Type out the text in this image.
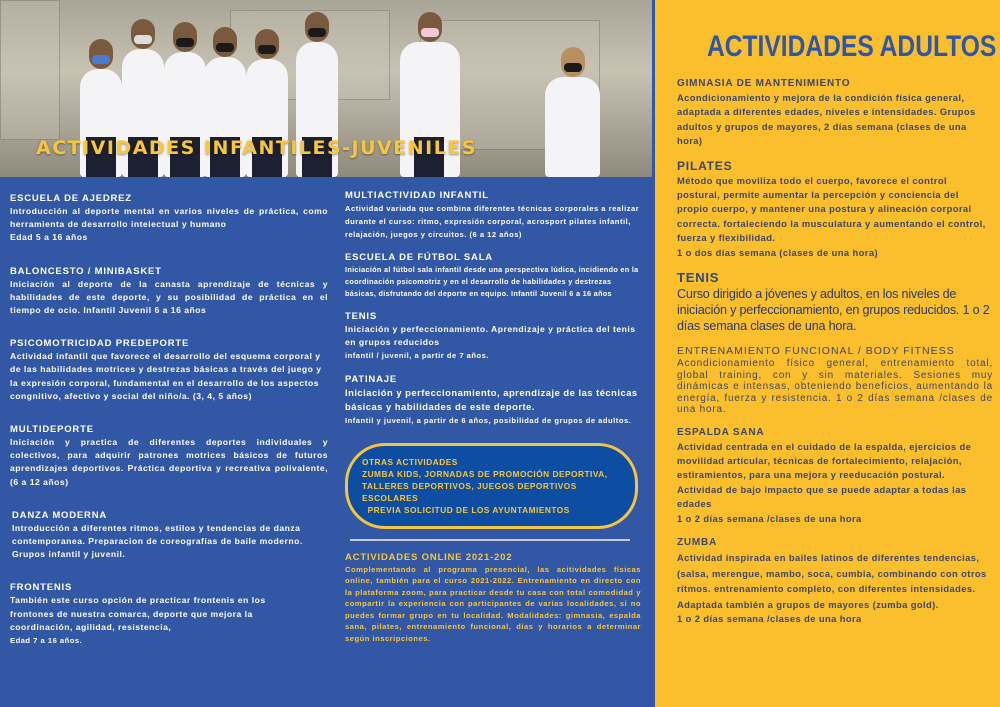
ACTIVIDADES INFANTILES-JUVENILES
ESCUELA DE AJEDREZ

Introducción al deporte mental en varios niveles de práctica, como herramienta de desarrollo intelectual y humano

Edad 5 a 16 años

BALONCESTO / MINIBASKET

Iniciación al deporte de la canasta aprendizaje de técnicas y habilidades de este deporte, y su posibilidad de práctica en el tiempo de ocio. Infantil Juvenil 6 a 16 años

PSICOMOTRICIDAD PREDEPORTE

Actividad infantil que favorece el desarrollo del esquema corporal y de las habilidades motrices y destrezas básicas a través del juego y la expresión corporal, fundamental en el desarrollo de los aspectos congnitivo, afectivo y social del niño/a. (3, 4, 5 años)

MULTIDEPORTE

Iniciación y practica de diferentes deportes individuales y colectivos, para adquirir patrones motrices básicos de futuros aprendizajes deportivos. Práctica deportiva y recreativa polivalente, (6 a 12 años)

DANZA MODERNA

Introducción a diferentes ritmos, estilos y tendencias de danza contemporanea. Preparacion de coreografías de baile moderno. Grupos infantil y juvenil.

FRONTENIS

También este curso opción de practicar frontenis en los frontones de nuestra comarca, deporte que mejora la coordinación, agilidad, resistencia,

Edad 7 a 16 años.

MULTIACTIVIDAD INFANTIL

Actividad variada que combina diferentes técnicas corporales a realizar durante el curso: ritmo, expresión corporal, acrosport pilates infantil, relajación, juegos y circuitos. (6 a 12 años)

ESCUELA DE FÚTBOL SALA

Iniciación al fútbol sala infantil desde una perspectiva lúdica, incidiendo en la coordinación psicomotriz y en el desarrollo de habilidades y destrezas básicas, disfrutando del deporte en equipo. Infantil Juvenil 6 a 16 años

TENIS

Iniciación y perfeccionamiento. Aprendizaje y práctica del tenis en grupos reducidos

infantil / juvenil, a partir de 7 años.

PATINAJE

Iniciación y perfeccionamiento, aprendizaje de las técnicas básicas y habilidades de este deporte.

Infantil y juvenil, a partir de 6 años, posibilidad de grupos de adultos.

OTRAS ACTIVIDADES
ZUMBA KIDS, JORNADAS DE PROMOCIÓN DEPORTIVA,
TALLERES DEPORTIVOS, JUEGOS DEPORTIVOS ESCOLARES
PREVIA SOLICITUD DE LOS AYUNTAMIENTOS
ACTIVIDADES ONLINE 2021-202

Complementando al programa presencial, las acitividades físicas online, también para el curso 2021-2022. Entrenamiento en directo con la plataforma zoom, para practicar desde tu casa con total comodidad y compartir la experiencia con participantes de varias localidades, si no puedes formar grupo en tu localidad. Modalidades: gimnasia, espalda sana, pilates, entrenamiento funcional, días y horarios a determinar según inscripciones.

ACTIVIDADES ADULTOS
GIMNASIA DE MANTENIMIENTO

Acondicionamiento y mejora de la condición física general, adaptada a diferentes edades, niveles e intensidades. Grupos adultos y grupos de mayores, 2 días semana (clases de una hora)

PILATES

Método que moviliza todo el cuerpo, favorece el control postural, permite aumentar la percepción y conciencia del propio cuerpo, y mantener una postura y alineación corporal correcta. fortaleciendo la musculatura y aumentando el control, fuerza y flexibilidad.

1 o dos días semana (clases de una hora)

TENIS

Curso dirigido a jóvenes y adultos, en los niveles de iniciación y perfeccionamiento, en grupos reducidos. 1 o 2 días semana clases de una hora.

ENTRENAMIENTO FUNCIONAL / BODY FITNESS

Acondicionamiento físico general, entrenamiento total, global training, con y sin materiales. Sesiones muy dinámicas e intensas, obteniendo beneficios, aumentando la energía, fuerza y resistencia. 1 o 2 días semana /clases de una hora.

ESPALDA SANA

Actividad centrada en el cuidado de la espalda, ejercicios de movilidad articular, técnicas de fortalecimiento, relajación, estiramientos, para una mejora y reeducación postural. Actividad de bajo impacto que se puede adaptar a todas las edades

1 o 2 días semana /clases de una hora

ZUMBA

Actividad inspirada en bailes latinos de diferentes tendencias, (salsa, merengue, mambo, soca, cumbia, combinando con otros rítmos. entrenamiento completo, con diferentes intensidades. Adaptada también a grupos de mayores (zumba gold).

1 o 2 días semana /clases de una hora
